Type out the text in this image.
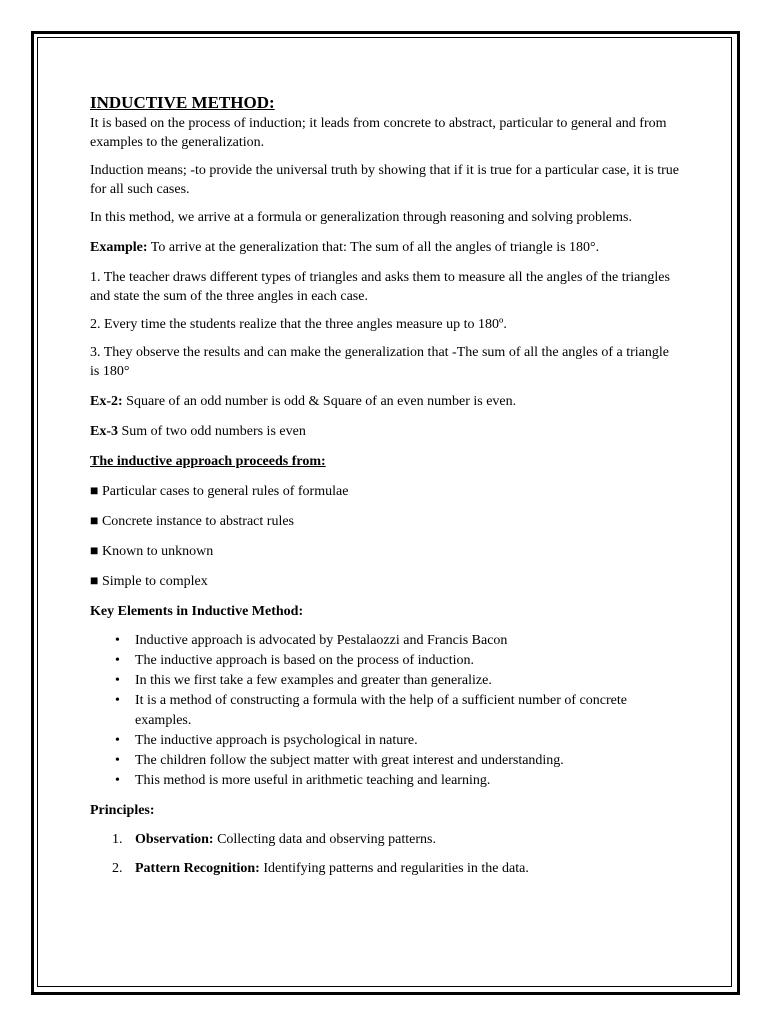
INDUCTIVE METHOD:

It is based on the process of induction; it leads from concrete to abstract, particular to general and from examples to the generalization.

Induction means; -to provide the universal truth by showing that if it is true for a particular case, it is true for all such cases.

In this method, we arrive at a formula or generalization through reasoning and solving problems.

Example: To arrive at the generalization that: The sum of all the angles of triangle is 180°.

1. The teacher draws different types of triangles and asks them to measure all the angles of the triangles and state the sum of the three angles in each case.

2. Every time the students realize that the three angles measure up to 180º.

3. They observe the results and can make the generalization that -The sum of all the angles of a triangle is 180°

Ex-2: Square of an odd number is odd & Square of an even number is even.

Ex-3 Sum of two odd numbers is even

The inductive approach proceeds from:

■ Particular cases to general rules of formulae

■ Concrete instance to abstract rules

■ Known to unknown

■ Simple to complex

Key Elements in Inductive Method:

• Inductive approach is advocated by Pestalaozzi and Francis Bacon
• The inductive approach is based on the process of induction.
• In this we first take a few examples and greater than generalize.
• It is a method of constructing a formula with the help of a sufficient number of concrete examples.
• The inductive approach is psychological in nature.
• The children follow the subject matter with great interest and understanding.
• This method is more useful in arithmetic teaching and learning.

Principles:

1. Observation: Collecting data and observing patterns.
2. Pattern Recognition: Identifying patterns and regularities in the data.
